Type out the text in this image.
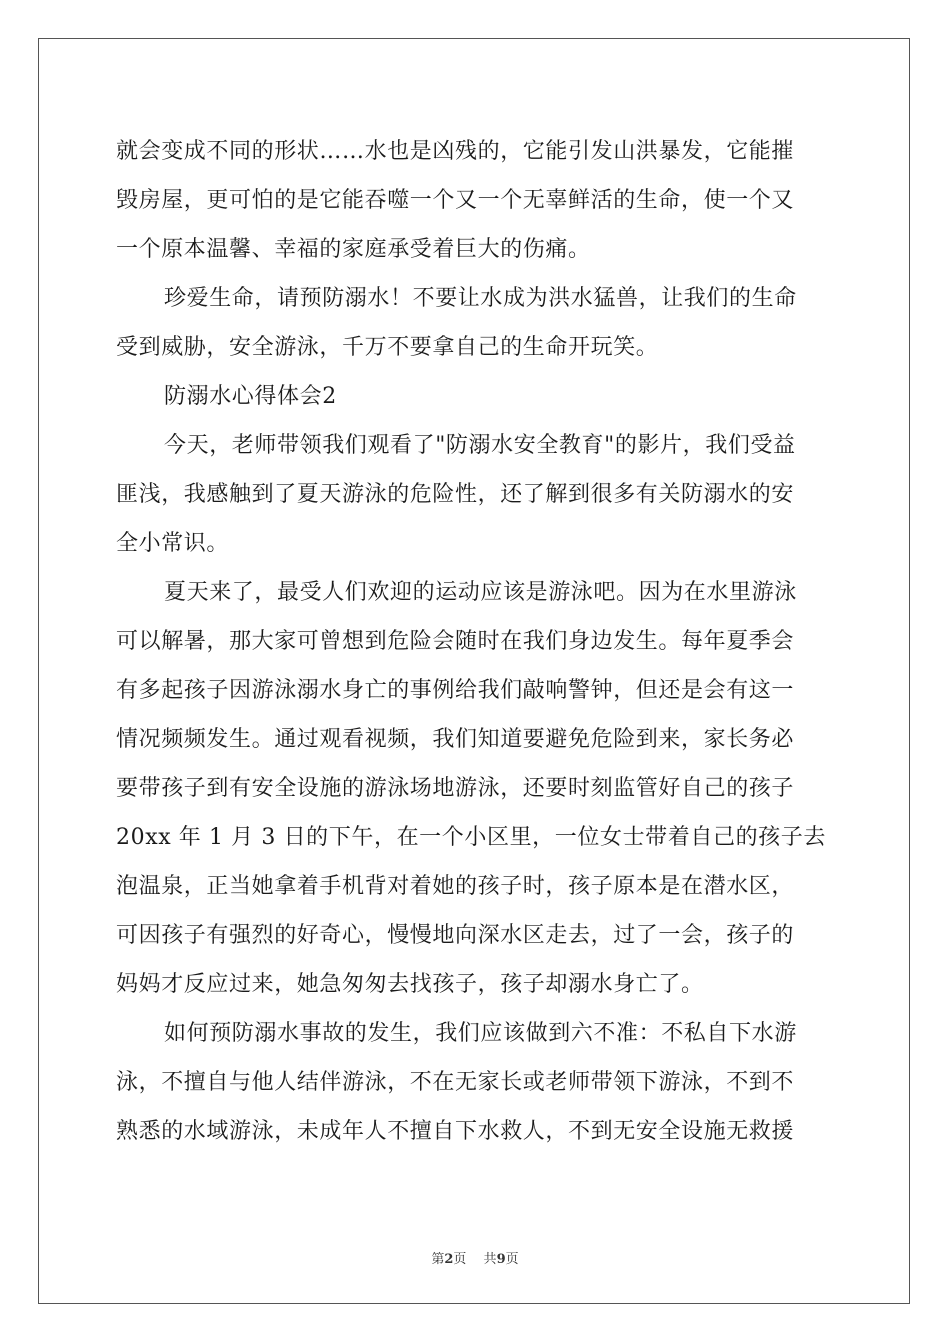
就会变成不同的形状……水也是凶残的，它能引发山洪暴发，它能摧
毁房屋，更可怕的是它能吞噬一个又一个无辜鲜活的生命，使一个又
一个原本温馨、幸福的家庭承受着巨大的伤痛。
珍爱生命，请预防溺水！不要让水成为洪水猛兽，让我们的生命
受到威胁，安全游泳，千万不要拿自己的生命开玩笑。
防溺水心得体会2
今天，老师带领我们观看了"防溺水安全教育"的影片，我们受益
匪浅，我感触到了夏天游泳的危险性，还了解到很多有关防溺水的安
全小常识。
夏天来了，最受人们欢迎的运动应该是游泳吧。因为在水里游泳
可以解暑，那大家可曾想到危险会随时在我们身边发生。每年夏季会
有多起孩子因游泳溺水身亡的事例给我们敲响警钟，但还是会有这一
情况频频发生。通过观看视频，我们知道要避免危险到来，家长务必
要带孩子到有安全设施的游泳场地游泳，还要时刻监管好自己的孩子
20xx 年 1 月 3 日的下午，在一个小区里，一位女士带着自己的孩子去
泡温泉，正当她拿着手机背对着她的孩子时，孩子原本是在潜水区，
可因孩子有强烈的好奇心，慢慢地向深水区走去，过了一会，孩子的
妈妈才反应过来，她急匆匆去找孩子，孩子却溺水身亡了。
如何预防溺水事故的发生，我们应该做到六不准：不私自下水游
泳，不擅自与他人结伴游泳，不在无家长或老师带领下游泳，不到不
熟悉的水域游泳，未成年人不擅自下水救人，不到无安全设施无救援
第2页　 共9页
